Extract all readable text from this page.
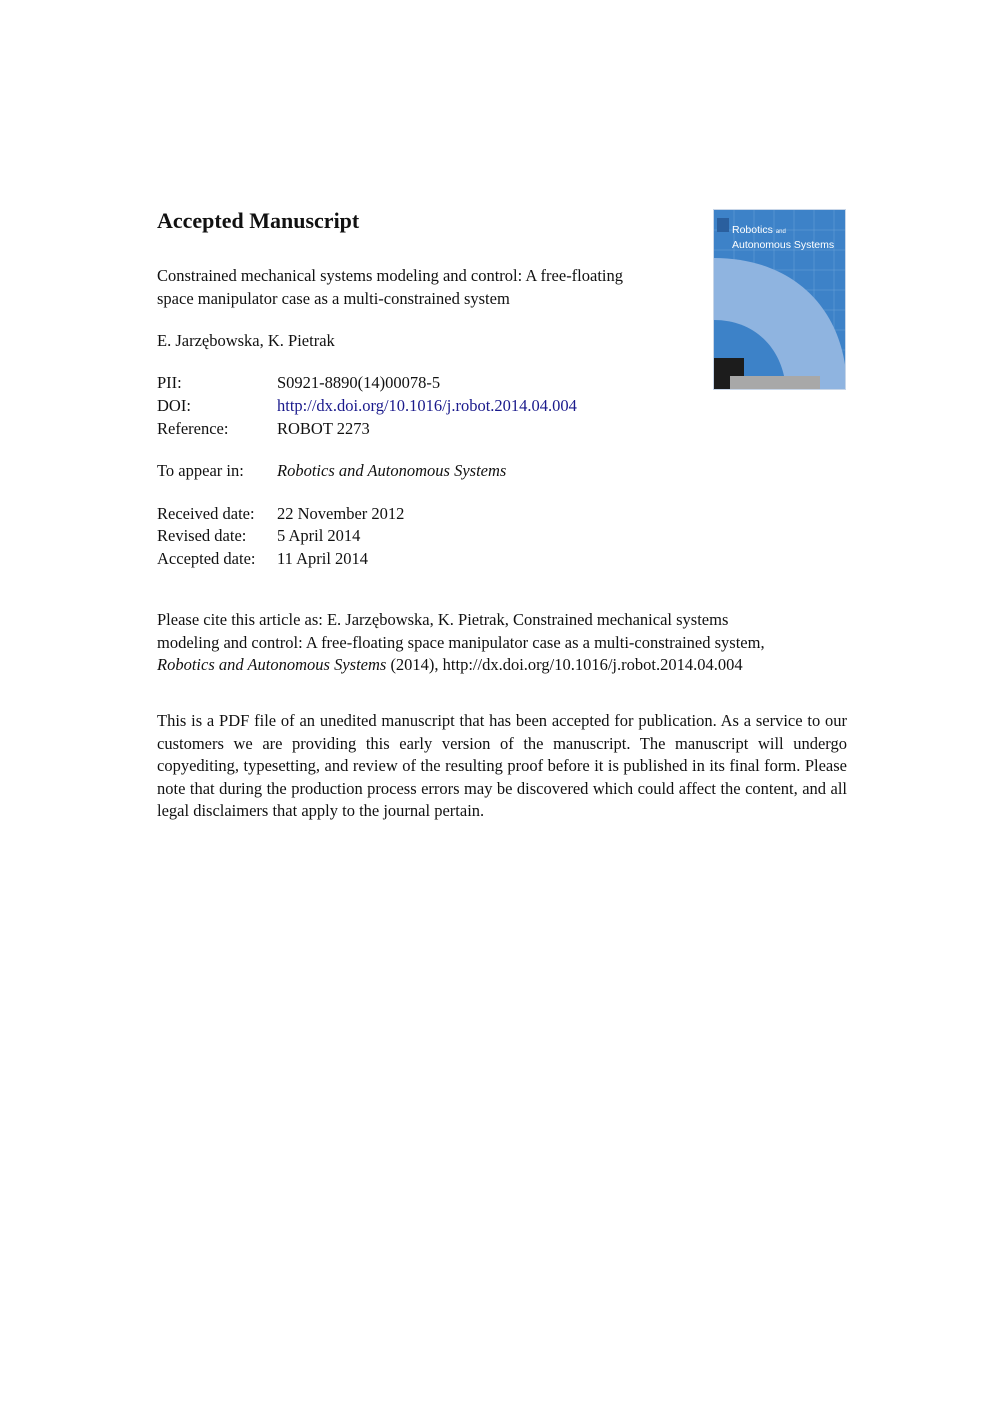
Accepted Manuscript
Constrained mechanical systems modeling and control: A free-floating
space manipulator case as a multi-constrained system
E. Jarzębowska, K. Pietrak
PII:	S0921-8890(14)00078-5
DOI:	http://dx.doi.org/10.1016/j.robot.2014.04.004
Reference:	ROBOT 2273
To appear in: Robotics and Autonomous Systems
Received date: 22 November 2012
Revised date: 5 April 2014
Accepted date: 11 April 2014
Please cite this article as: E. Jarzębowska, K. Pietrak, Constrained mechanical systems
modeling and control: A free-floating space manipulator case as a multi-constrained system,
Robotics and Autonomous Systems (2014), http://dx.doi.org/10.1016/j.robot.2014.04.004
This is a PDF file of an unedited manuscript that has been accepted for publication. As a service to our customers we are providing this early version of the manuscript. The manuscript will undergo copyediting, typesetting, and review of the resulting proof before it is published in its final form. Please note that during the production process errors may be discovered which could affect the content, and all legal disclaimers that apply to the journal pertain.
Robotics and
Autonomous Systems
